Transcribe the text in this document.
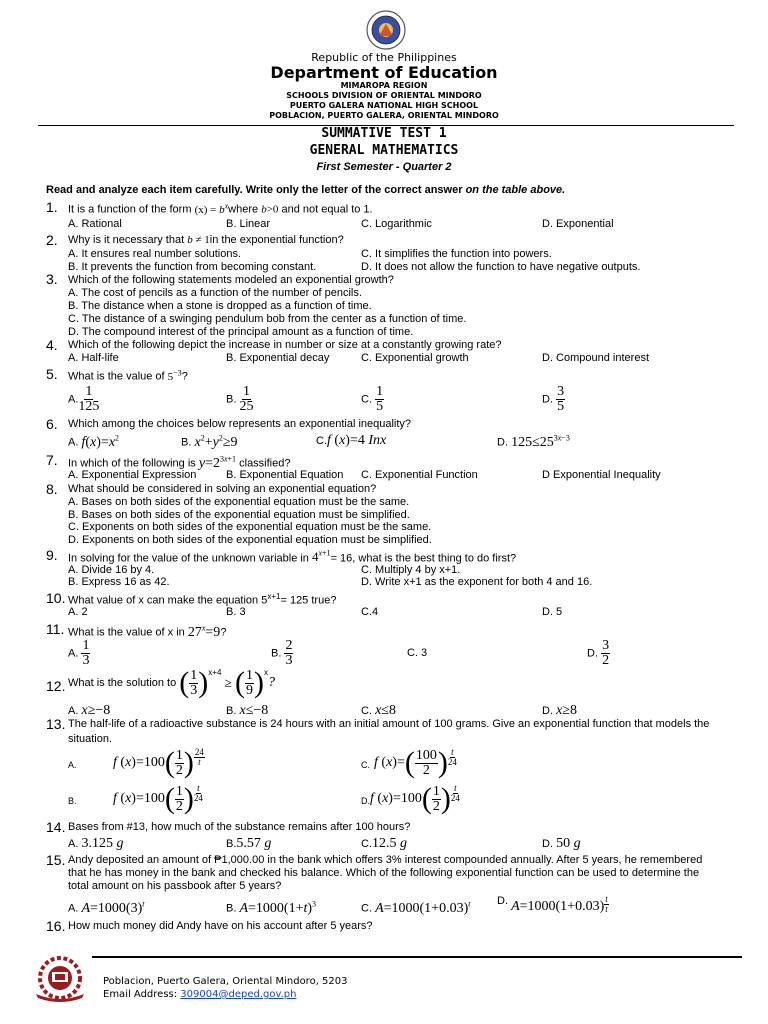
Republic of the Philippines
Department of Education
MIMAROPA REGION
SCHOOLS DIVISION OF ORIENTAL MINDORO
PUERTO GALERA NATIONAL HIGH SCHOOL
POBLACION, PUERTO GALERA, ORIENTAL MINDORO
SUMMATIVE TEST 1
GENERAL MATHEMATICS
First Semester - Quarter 2
Read and analyze each item carefully. Write only the letter of the correct answer on the table above.
1. It is a function of the form $(x) = b^xwhere$ b>0 and not equal to 1.
A. Rational	B. Linear	C. Logarithmic	D. Exponential
2. Why is it necessary that b ≠ 1in the exponential function?
A. It ensures real number solutions.	C. It simplifies the function into powers.
B. It prevents the function from becoming constant.	D. It does not allow the function to have negative outputs.
3. Which of the following statements modeled an exponential growth?
A. The cost of pencils as a function of the number of pencils.
B. The distance when a stone is dropped as a function of time.
C. The distance of a swinging pendulum bob from the center as a function of time.
D. The compound interest of the principal amount as a function of time.
4. Which of the following depict the increase in number or size at a constantly growing rate?
A. Half-life	B. Exponential decay	C. Exponential growth	D. Compound interest
5. What is the value of $5^{-3}$?
A. $\frac{1}{125}$	B. $\frac{1}{25}$	C. $\frac{1}{5}$	D. $\frac{3}{5}$
6. Which among the choices below represents an exponential inequality?
A. $f(x)=x^2$	B. $x^2+y^2\ge 9$	C.f (x)=4 Inx	D. $125\le 25^{3x-3}$
7. In which of the following is $y=2^{3x+1}$ classified?
A. Exponential Expression	B. Exponential Equation C. Exponential Function	D Exponential Inequality
8. What should be considered in solving an exponential equation?
A. Bases on both sides of the exponential equation must be the same.
B. Bases on both sides of the exponential equation must be simplified.
C. Exponents on both sides of the exponential equation must be the same.
D. Exponents on both sides of the exponential equation must be simplified.
9. In solving for the value of the unknown variable in $4^{x+1}= 16$, what is the best thing to do first?
A. Divide 16 by 4.	C. Multiply 4 by x+1.
B. Express 16 as 42.	D. Write x+1 as the exponent for both 4 and 16.
10. What value of x can make the equation $5^{x+1}= 125$ true?
A. 2	B. 3	C.4	D. 5
11. What is the value of x in $27^x=9$?
A. $\frac{1}{3}$	B. $\frac{2}{3}$	C. 3	D. $\frac{3}{2}$
12. What is the solution to ( $\frac{1}{3} )^{x+4}$ ≥ ( $\frac{1}{9} )^x$?
A. x≥−8	B. x≤−8	C. x≤8	D. x≥8
13. The half-life of a radioactive substance is 24 hours with an initial amount of 100 grams. Give an exponential function that models the
situation.
A.	f $(x)=100( \frac{1}{2}$ ) $\frac{24}{t}$	C. f $(x)=( \frac{100}{2}$ ) $\frac{t}{24}$
B.	f $(x)=100( \frac{1}{2}$ ) $\frac{t}{24}$	D. f $(x)=100( \frac{1}{2}$ ) $\frac{t}{24}$
14. Bases from #13, how much of the substance remains after 100 hours?
A. 3.125 g	B.5.57 g	C.12.5 g	D. 50 g
15. Andy deposited an amount of ₱1,000.00 in the bank which offers 3% interest compounded annually. After 5 years, he remembered
that he has money in the bank and checked his balance. Which of the following exponential function can be used to determine the
total amount on his passbook after 5 years?
A. $A=1000(3)^t$	B. $A=1000(1+t)^3$	C. $A=1000(1+0.03)^t$ D. $A=1000(1+0.03) \frac{t}{t}$
16. How much money did Andy have on his account after 5 years?
Poblacion, Puerto Galera, Oriental Mindoro, 5203
Email Address: 309004@deped.gov.ph
